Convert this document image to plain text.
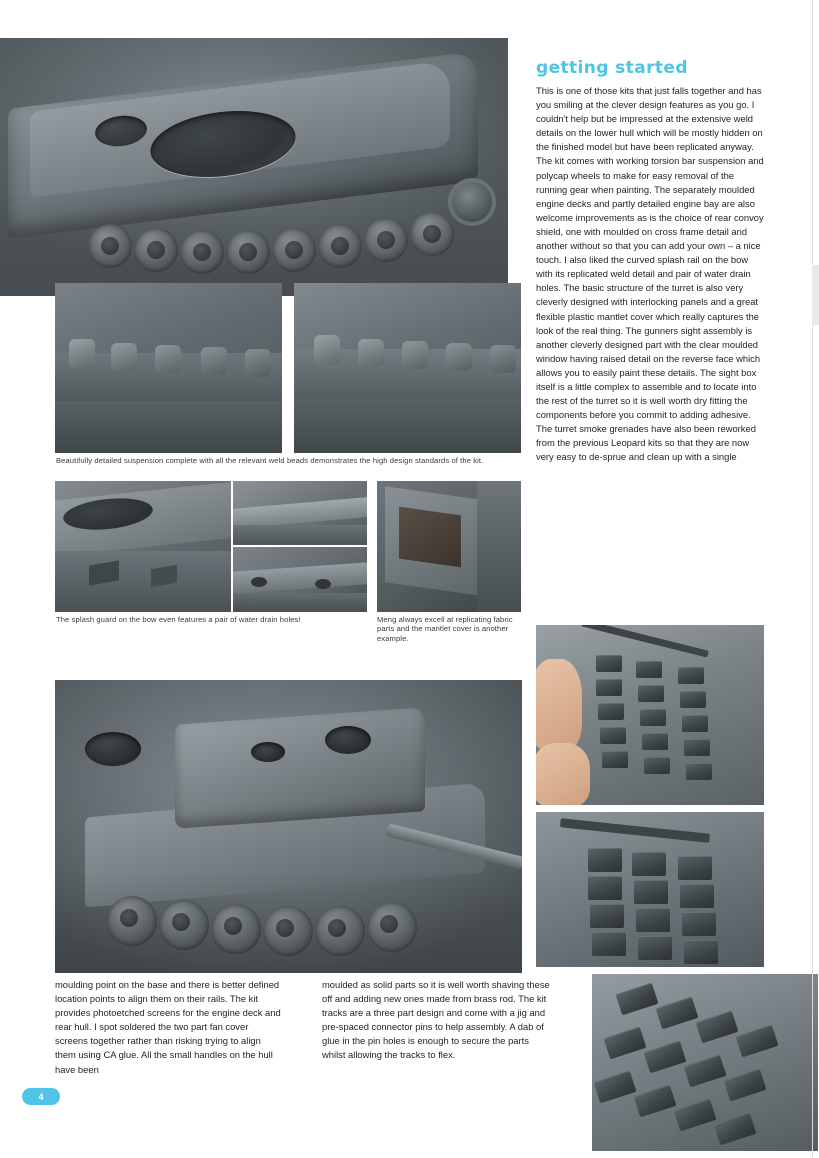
Beautifully detailed suspension complete with all the relevant weld beads demonstrates the high design standards of the kit.
The splash guard on the bow even features a pair of water drain holes!	Meng always excell at replicating fabric parts and the mantlet cover is another example.
getting started
This is one of those kits that just falls together and has you smiling at the clever design features as you go. I couldn't help but be impressed at the extensive weld details on the lower hull which will be mostly hidden on the finished model but have been replicated anyway. The kit comes with working torsion bar suspension and polycap wheels to make for easy removal of the running gear when painting. The separately moulded engine decks and partly detailed engine bay are also welcome improvements as is the choice of rear convoy shield, one with moulded on cross frame detail and another without so that you can add your own – a nice touch. I also liked the curved splash rail on the bow with its replicated weld detail and pair of water drain holes. The basic structure of the turret is also very cleverly designed with interlocking panels and a great flexible plastic mantlet cover which really captures the look of the real thing. The gunners sight assembly is another cleverly designed part with the clear moulded window having raised detail on the reverse face which allows you to easily paint these details. The sight box itself is a little complex to assemble and to locate into the rest of the turret so it is well worth dry fitting the components before you commit to adding adhesive. The turret smoke grenades have also been reworked from the previous Leopard kits so that they are now very easy to de-sprue and clean up with a single
moulding point on the base and there is better defined location points to align them on their rails. The kit provides photoetched screens for the engine deck and rear hull. I spot soldered the two part fan cover screens together rather than risking trying to align them using CA glue. All the small handles on the hull have been
moulded as solid parts so it is well worth shaving these off and adding new ones made from brass rod. The kit tracks are a three part design and come with a jig and pre-spaced connector pins to help assembly. A dab of glue in the pin holes is enough to secure the parts whilst allowing the tracks to flex.
4
